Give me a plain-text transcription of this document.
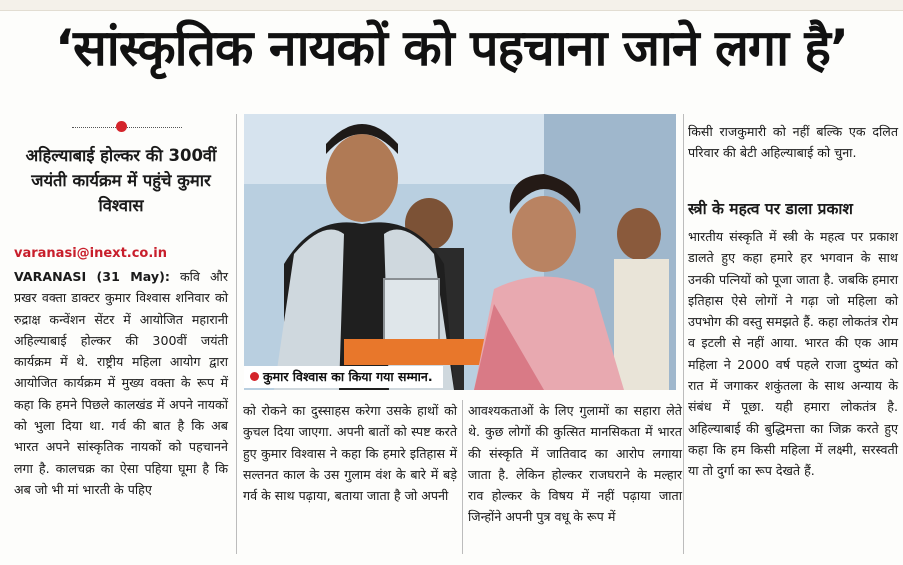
‘सांस्कृतिक नायकों को पहचाना जाने लगा है’
अहिल्याबाई होल्कर की 300वीं जयंती कार्यक्रम में पहुंचे कुमार विश्वास
varanasi@inext.co.in

VARANASI (31 May): कवि और प्रखर वक्ता डाक्टर कुमार विश्वास शनिवार को रुद्राक्ष कन्वेंशन सेंटर में आयोजित महारानी अहिल्याबाई होल्कर की 300वीं जयंती कार्यक्रम में थे. राष्ट्रीय महिला आयोग द्वारा आयोजित कार्यक्रम में मुख्य वक्ता के रूप में कहा कि हमने पिछले कालखंड में अपने नायकों को भुला दिया था. गर्व की बात है कि अब भारत अपने सांस्कृतिक नायकों को पहचानने लगा है. कालचक्र का ऐसा पहिया घूमा है कि अब जो भी मां भारती के पहिए

कुमार विश्वास का किया गया सम्मान.

को रोकने का दुस्साहस करेगा उसके हाथों को कुचल दिया जाएगा. अपनी बातों को स्पष्ट करते हुए कुमार विश्वास ने कहा कि हमारे इतिहास में सल्तनत काल के उस गुलाम वंश के बारे में बड़े गर्व के साथ पढ़ाया, बताया जाता है जो अपनी

आवश्यकताओं के लिए गुलामों का सहारा लेते थे. कुछ लोगों की कुत्सित मानसिकता में भारत की संस्कृति में जातिवाद का आरोप लगाया जाता है. लेकिन होल्कर राजघराने के मल्हार राव होल्कर के विषय में नहीं पढ़ाया जाता जिन्होंने अपनी पुत्र वधू के रूप में

किसी राजकुमारी को नहीं बल्कि एक दलित परिवार की बेटी अहिल्याबाई को चुना.

स्त्री के महत्व पर डाला प्रकाश

भारतीय संस्कृति में स्त्री के महत्व पर प्रकाश डालते हुए कहा हमारे हर भगवान के साथ उनकी पत्नियों को पूजा जाता है. जबकि हमारा इतिहास ऐसे लोगों ने गढ़ा जो महिला को उपभोग की वस्तु समझते हैं. कहा लोकतंत्र रोम व इटली से नहीं आया. भारत की एक आम महिला ने 2000 वर्ष पहले राजा दुष्यंत को रात में जगाकर शकुंतला के साथ अन्याय के संबंध में पूछा. यही हमारा लोकतंत्र है. अहिल्याबाई की बुद्धिमत्ता का जिक्र करते हुए कहा कि हम किसी महिला में लक्ष्मी, सरस्वती या तो दुर्गा का रूप देखते हैं.
